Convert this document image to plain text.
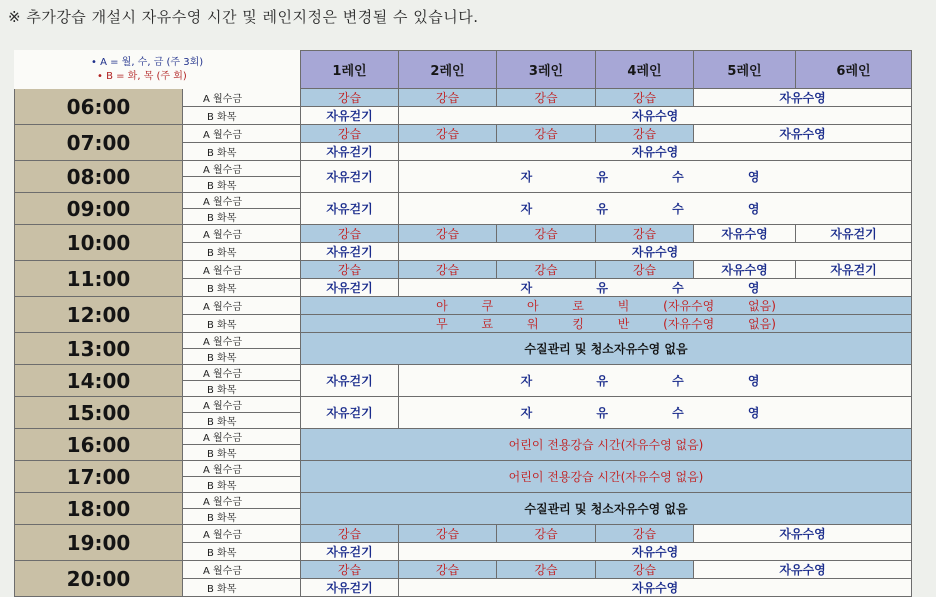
※ 추가강습 개설시 자유수영 시간 및 레인지정은 변경될 수 있습니다.
• A = 월, 수, 금 (주 3회)
• B = 화, 목 (주 회)		1레인	2레인	3레인	4레인	5레인	6레인
06:00	A 월수금	강습	강습	강습	강습	자유수영	
	B 화목	자유걷기	자유수영				
07:00	A 월수금	강습	강습	강습	강습	자유수영	
	B 화목	자유걷기	자유수영				
08:00	A 월수금	자유걷기	자 유 수 영				
	B 화목						
09:00	A 월수금	자유걷기	자 유 수 영				
	B 화목						
10:00	A 월수금	강습	강습	강습	강습	자유수영	자유걷기
	B 화목	자유걷기	자유수영				
11:00	A 월수금	강습	강습	강습	강습	자유수영	자유걷기
	B 화목	자유걷기	자 유 수 영				
12:00	A 월수금	아 쿠 아 로 빅 (자유수영 없음)					
	B 화목	무 료 워 킹 반 (자유수영 없음)					
13:00	A 월수금	수질관리 및 청소자유수영 없음					
	B 화목						
14:00	A 월수금	자유걷기	자 유 수 영				
	B 화목						
15:00	A 월수금	자유걷기	자 유 수 영				
	B 화목						
16:00	A 월수금	어린이 전용강습 시간(자유수영 없음)					
	B 화목						
17:00	A 월수금	어린이 전용강습 시간(자유수영 없음)					
	B 화목						
18:00	A 월수금	수질관리 및 청소자유수영 없음					
	B 화목						
19:00	A 월수금	강습	강습	강습	강습	자유수영	
	B 화목	자유걷기	자유수영				
20:00	A 월수금	강습	강습	강습	강습	자유수영	
	B 화목	자유걷기	자유수영				
